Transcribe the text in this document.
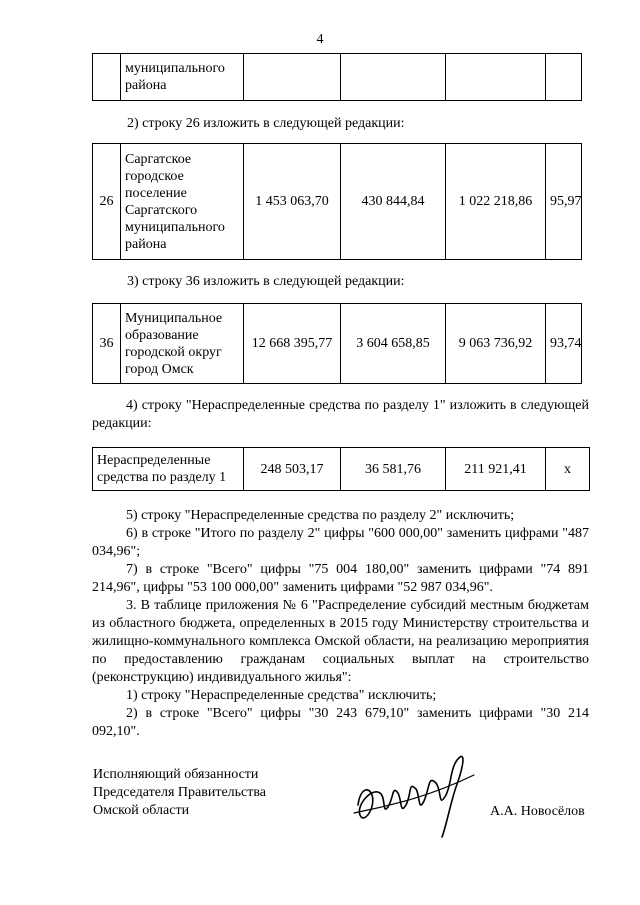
4
	муниципального района				
2) строку 26 изложить в следующей редакции:
26	Саргатское городское поселение Саргатского муниципального района	1 453 063,70	430 844,84	1 022 218,86	95,97
3) строку 36 изложить в следующей редакции:
36	Муниципальное образование городской округ город Омск	12 668 395,77	3 604 658,85	9 063 736,92	93,74
4) строку "Нераспределенные средства по разделу 1" изложить в следующей редакции:
Нераспределенные средства по разделу 1	248 503,17	36 581,76	211 921,41	x
5) строку "Нераспределенные средства по разделу 2" исключить;
6) в строке "Итого по разделу 2" цифры "600 000,00" заменить цифрами "487 034,96";
7) в строке "Всего" цифры "75 004 180,00" заменить цифрами "74 891 214,96", цифры "53 100 000,00" заменить цифрами "52 987 034,96".
3. В таблице приложения № 6 "Распределение субсидий местным бюджетам из областного бюджета, определенных в 2015 году Министерству строительства и жилищно-коммунального комплекса Омской области, на реализацию мероприятия по предоставлению гражданам социальных выплат на строительство (реконструкцию) индивидуального жилья":
1) строку "Нераспределенные средства" исключить;
2) в строке "Всего" цифры "30 243 679,10" заменить цифрами "30 214 092,10".
Исполняющий обязанности
Председателя Правительства
Омской области	А.А. Новосёлов
